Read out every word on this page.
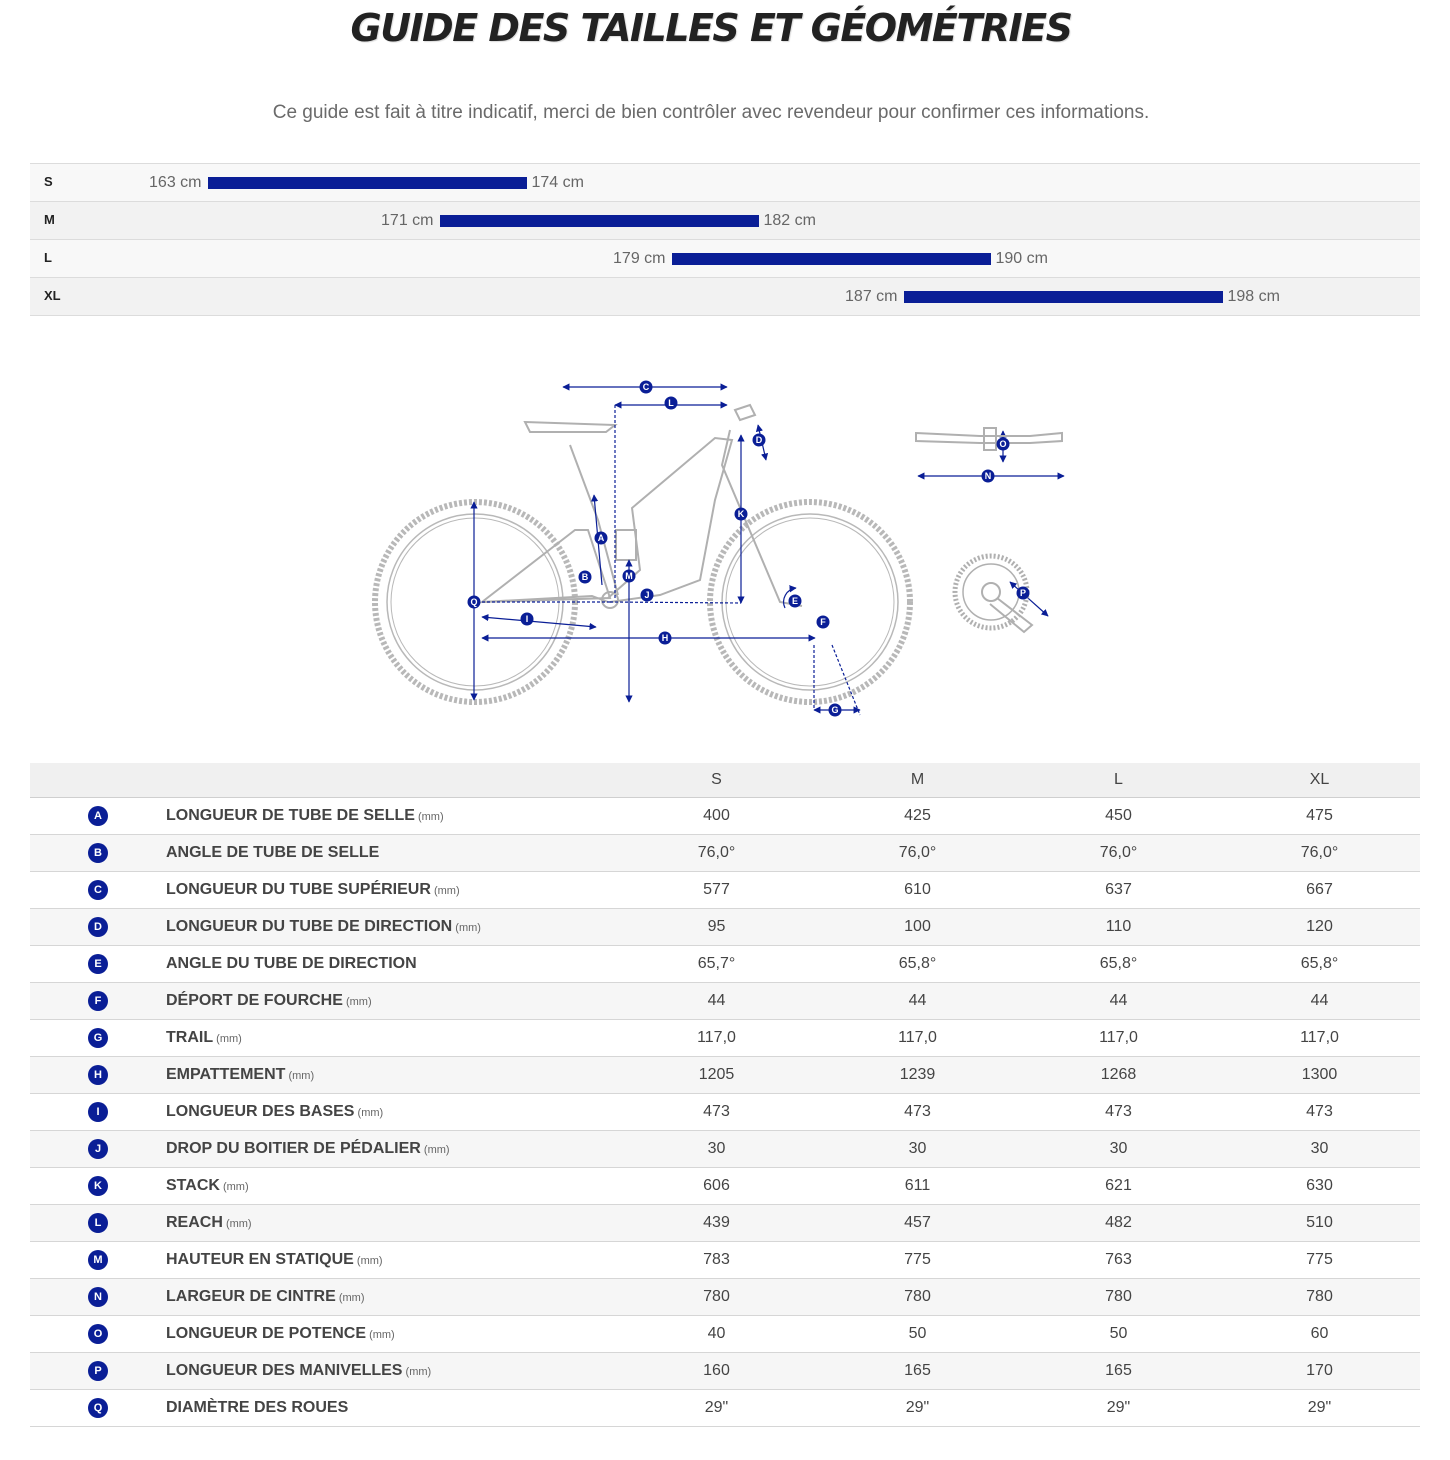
GUIDE DES TAILLES ET GÉOMÉTRIES
Ce guide est fait à titre indicatif, merci de bien contrôler avec revendeur pour confirmer ces informations.
S	163 cm	174 cm
M	171 cm	182 cm
L	179 cm	190 cm
XL	187 cm	198 cm
A
B
C
D
E
F
G
H
I
J
K
L
M
N
O
P
Q
		S	M	L	XL
A	LONGUEUR DE TUBE DE SELLE (mm)	400	425	450	475
B	ANGLE DE TUBE DE SELLE	76,0°	76,0°	76,0°	76,0°
C	LONGUEUR DU TUBE SUPÉRIEUR (mm)	577	610	637	667
D	LONGUEUR DU TUBE DE DIRECTION (mm)	95	100	110	120
E	ANGLE DU TUBE DE DIRECTION	65,7°	65,8°	65,8°	65,8°
F	DÉPORT DE FOURCHE (mm)	44	44	44	44
G	TRAIL (mm)	117,0	117,0	117,0	117,0
H	EMPATTEMENT (mm)	1205	1239	1268	1300
I	LONGUEUR DES BASES (mm)	473	473	473	473
J	DROP DU BOITIER DE PÉDALIER (mm)	30	30	30	30
K	STACK (mm)	606	611	621	630
L	REACH (mm)	439	457	482	510
M	HAUTEUR EN STATIQUE (mm)	783	775	763	775
N	LARGEUR DE CINTRE (mm)	780	780	780	780
O	LONGUEUR DE POTENCE (mm)	40	50	50	60
P	LONGUEUR DES MANIVELLES (mm)	160	165	165	170
Q	DIAMÈTRE DES ROUES	29"	29"	29"	29"
